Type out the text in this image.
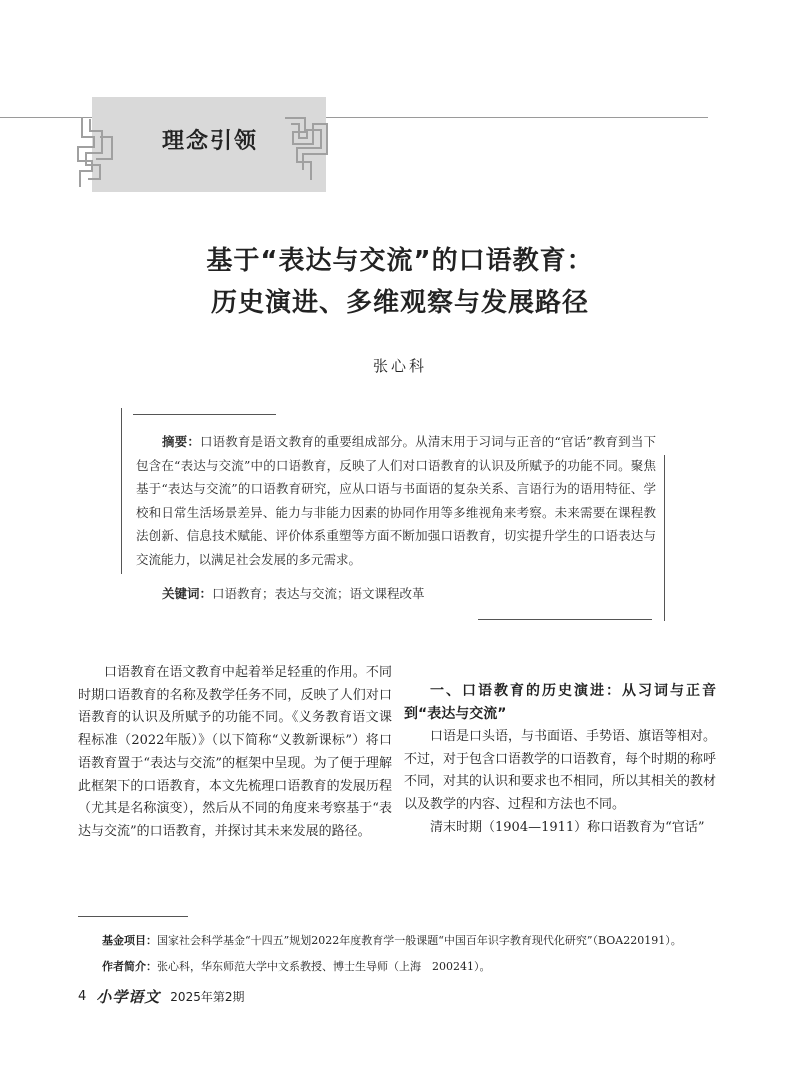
理念引领
基于“表达与交流”的口语教育：
历史演进、多维观察与发展路径
张心科
摘要：口语教育是语文教育的重要组成部分。从清末用于习词与正音的“官话”教育到当下包含在“表达与交流”中的口语教育，反映了人们对口语教育的认识及所赋予的功能不同。聚焦基于“表达与交流”的口语教育研究，应从口语与书面语的复杂关系、言语行为的语用特征、学校和日常生活场景差异、能力与非能力因素的协同作用等多维视角来考察。未来需要在课程教法创新、信息技术赋能、评价体系重塑等方面不断加强口语教育，切实提升学生的口语表达与交流能力，以满足社会发展的多元需求。
关键词：口语教育；表达与交流；语文课程改革

口语教育在语文教育中起着举足轻重的作用。不同时期口语教育的名称及教学任务不同，反映了人们对口语教育的认识及所赋予的功能不同。《义务教育语文课程标准（2022年版）》（以下简称“义教新课标”）将口语教育置于“表达与交流”的框架中呈现。为了便于理解此框架下的口语教育，本文先梳理口语教育的发展历程（尤其是名称演变），然后从不同的角度来考察基于“表达与交流”的口语教育，并探讨其未来发展的路径。

一、口语教育的历史演进：从习词与正音到“表达与交流”

口语是口头语，与书面语、手势语、旗语等相对。不过，对于包含口语教学的口语教育，每个时期的称呼不同，对其的认识和要求也不相同，所以其相关的教材以及教学的内容、过程和方法也不同。

清末时期（1904—1911）称口语教育为“官话”

基金项目：国家社会科学基金“十四五”规划2022年度教育学一般课题“中国百年识字教育现代化研究”（BOA220191）。
作者简介：张心科，华东师范大学中文系教授、博士生导师（上海　200241）。
4 小学语文 2025年第2期
